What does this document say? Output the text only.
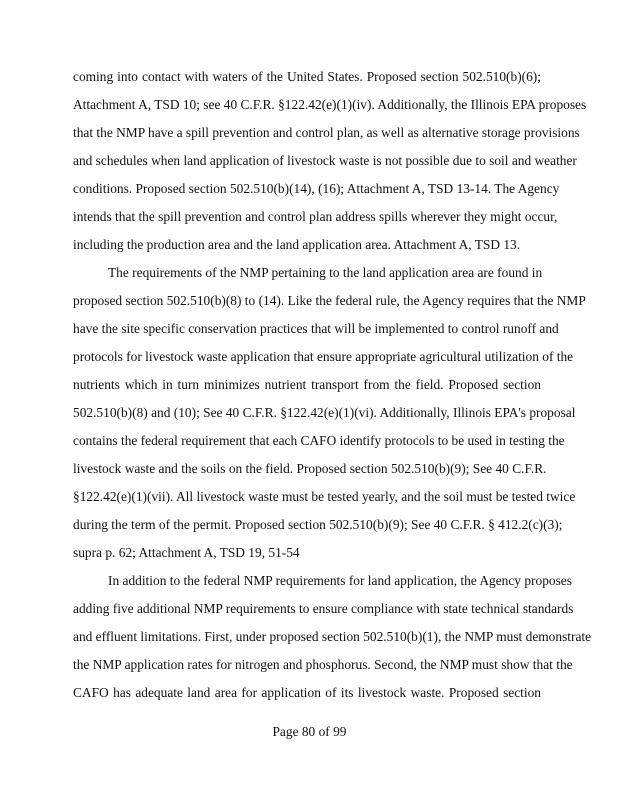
coming into contact with waters of the United States. Proposed section 502.510(b)(6);
Attachment A, TSD 10; see 40 C.F.R. §122.42(e)(1)(iv). Additionally, the Illinois EPA proposes
that the NMP have a spill prevention and control plan, as well as alternative storage provisions
and schedules when land application of livestock waste is not possible due to soil and weather
conditions. Proposed section 502.510(b)(14), (16); Attachment A, TSD 13-14. The Agency
intends that the spill prevention and control plan address spills wherever they might occur,
including the production area and the land application area. Attachment A, TSD 13.
The requirements of the NMP pertaining to the land application area are found in
proposed section 502.510(b)(8) to (14). Like the federal rule, the Agency requires that the NMP
have the site specific conservation practices that will be implemented to control runoff and
protocols for livestock waste application that ensure appropriate agricultural utilization of the
nutrients which in turn minimizes nutrient transport from the field. Proposed section
502.510(b)(8) and (10); See 40 C.F.R. §122.42(e)(1)(vi). Additionally, Illinois EPA's proposal
contains the federal requirement that each CAFO identify protocols to be used in testing the
livestock waste and the soils on the field. Proposed section 502.510(b)(9); See 40 C.F.R.
§122.42(e)(1)(vii). All livestock waste must be tested yearly, and the soil must be tested twice
during the term of the permit. Proposed section 502.510(b)(9); See 40 C.F.R. § 412.2(c)(3);
supra p. 62; Attachment A, TSD 19, 51-54
In addition to the federal NMP requirements for land application, the Agency proposes
adding five additional NMP requirements to ensure compliance with state technical standards
and effluent limitations. First, under proposed section 502.510(b)(1), the NMP must demonstrate
the NMP application rates for nitrogen and phosphorus. Second, the NMP must show that the
CAFO has adequate land area for application of its livestock waste. Proposed section
Page 80 of 99
